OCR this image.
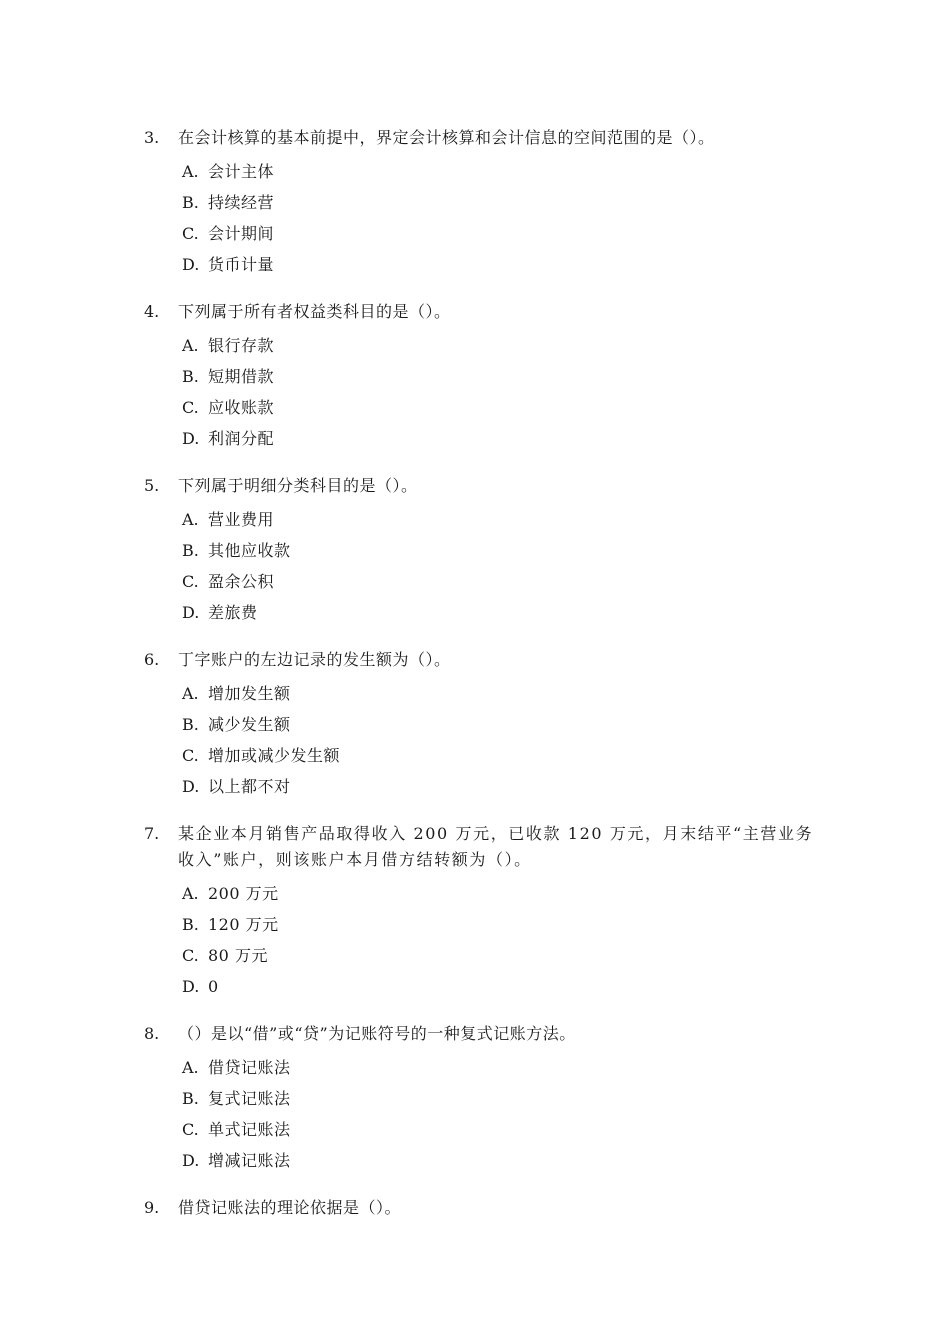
3.	在会计核算的基本前提中，界定会计核算和会计信息的空间范围的是（）。
A. 会计主体
B. 持续经营
C. 会计期间
D. 货币计量
4.	下列属于所有者权益类科目的是（）。
A. 银行存款
B. 短期借款
C. 应收账款
D. 利润分配
5.	下列属于明细分类科目的是（）。
A. 营业费用
B. 其他应收款
C. 盈余公积
D. 差旅费
6.	丁字账户的左边记录的发生额为（）。
A. 增加发生额
B. 减少发生额
C. 增加或减少发生额
D. 以上都不对
7.	某企业本月销售产品取得收入 200 万元，已收款 120 万元，月末结平“主营业务收入”账户，则该账户本月借方结转额为（）。
A. 200 万元
B. 120 万元
C. 80 万元
D. 0
8.	（）是以“借”或“贷”为记账符号的一种复式记账方法。
A. 借贷记账法
B. 复式记账法
C. 单式记账法
D. 增减记账法
9.	借贷记账法的理论依据是（）。
